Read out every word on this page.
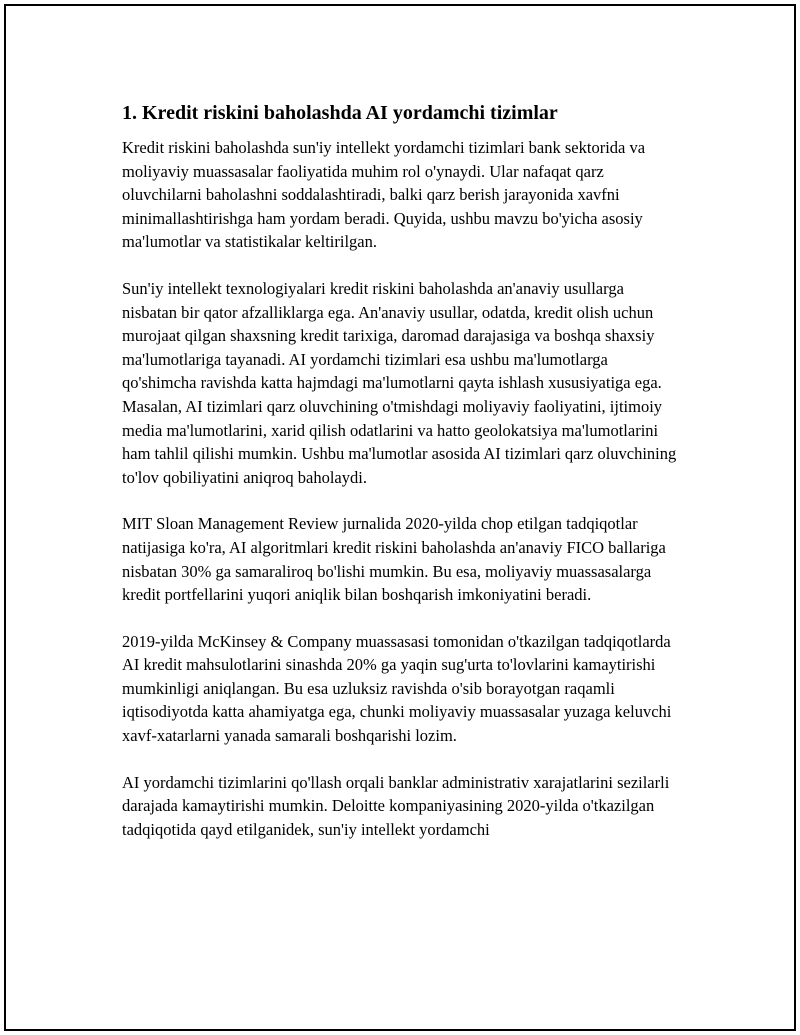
1. Kredit riskini baholashda AI yordamchi tizimlar

Kredit riskini baholashda sun'iy intellekt yordamchi tizimlari bank sektorida va moliyaviy muassasalar faoliyatida muhim rol o'ynaydi. Ular nafaqat qarz oluvchilarni baholashni soddalashtiradi, balki qarz berish jarayonida xavfni minimallashtirishga ham yordam beradi. Quyida, ushbu mavzu bo'yicha asosiy ma'lumotlar va statistikalar keltirilgan.

Sun'iy intellekt texnologiyalari kredit riskini baholashda an'anaviy usullarga nisbatan bir qator afzalliklarga ega. An'anaviy usullar, odatda, kredit olish uchun murojaat qilgan shaxsning kredit tarixiga, daromad darajasiga va boshqa shaxsiy ma'lumotlariga tayanadi. AI yordamchi tizimlari esa ushbu ma'lumotlarga qo'shimcha ravishda katta hajmdagi ma'lumotlarni qayta ishlash xususiyatiga ega. Masalan, AI tizimlari qarz oluvchining o'tmishdagi moliyaviy faoliyatini, ijtimoiy media ma'lumotlarini, xarid qilish odatlarini va hatto geolokatsiya ma'lumotlarini ham tahlil qilishi mumkin. Ushbu ma'lumotlar asosida AI tizimlari qarz oluvchining to'lov qobiliyatini aniqroq baholaydi.

MIT Sloan Management Review jurnalida 2020-yilda chop etilgan tadqiqotlar natijasiga ko'ra, AI algoritmlari kredit riskini baholashda an'anaviy FICO ballariga nisbatan 30% ga samaraliroq bo'lishi mumkin. Bu esa, moliyaviy muassasalarga kredit portfellarini yuqori aniqlik bilan boshqarish imkoniyatini beradi.

2019-yilda McKinsey & Company muassasasi tomonidan o'tkazilgan tadqiqotlarda AI kredit mahsulotlarini sinashda 20% ga yaqin sug'urta to'lovlarini kamaytirishi mumkinligi aniqlangan. Bu esa uzluksiz ravishda o'sib borayotgan raqamli iqtisodiyotda katta ahamiyatga ega, chunki moliyaviy muassasalar yuzaga keluvchi xavf-xatarlarni yanada samarali boshqarishi lozim.

AI yordamchi tizimlarini qo'llash orqali banklar administrativ xarajatlarini sezilarli darajada kamaytirishi mumkin. Deloitte kompaniyasining 2020-yilda o'tkazilgan tadqiqotida qayd etilganidek, sun'iy intellekt yordamchi
